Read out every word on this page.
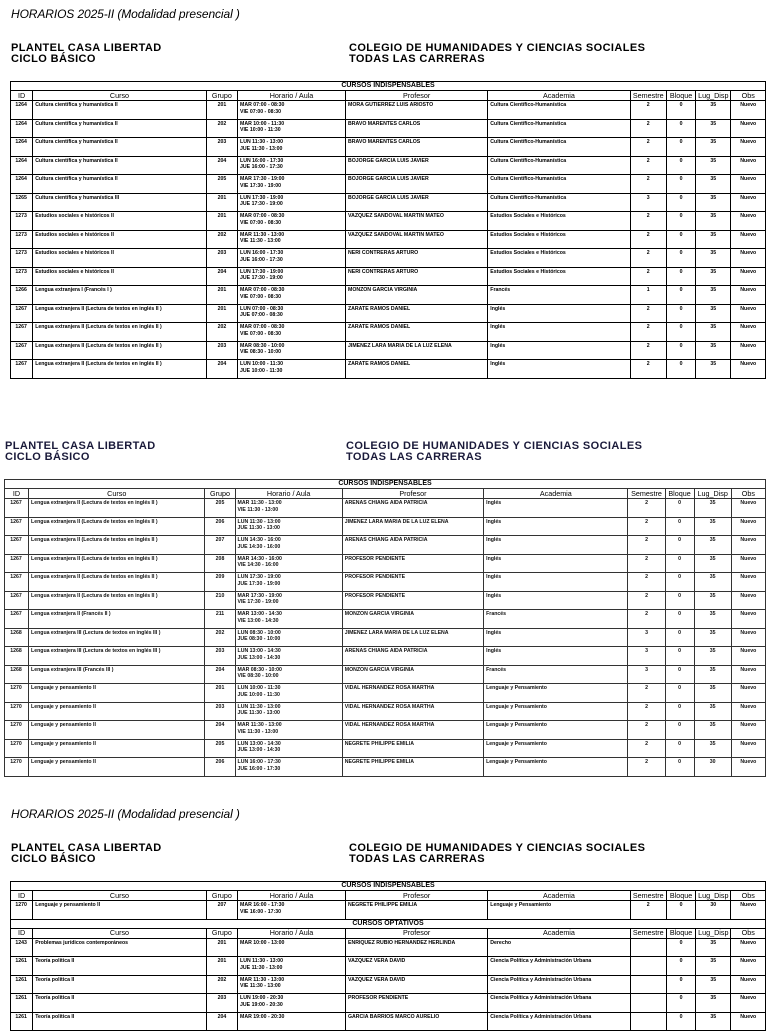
HORARIOS 2025-II (Modalidad presencial )
PLANTEL CASA LIBERTAD
CICLO BÁSICO
COLEGIO DE HUMANIDADES Y CIENCIAS SOCIALES
TODAS LAS CARRERAS
CURSOS INDISPENSABLES									
ID	Curso	Grupo	Horario / Aula	Profesor	Academia	Semestre	Bloque	Lug_Disp	Obs
1264	Cultura científica y humanística II	201	MAR 07:00 - 08:30
VIE 07:00 - 08:30	MORA GUTIERREZ LUIS ARIOSTO	Cultura Científico-Humanística	2	0	35	Nuevo
1264	Cultura científica y humanística II	202	MAR 10:00 - 11:30
VIE 10:00 - 11:30	BRAVO MARENTES CARLOS	Cultura Científico-Humanística	2	0	35	Nuevo
1264	Cultura científica y humanística II	203	LUN 11:30 - 13:00
JUE 11:30 - 13:00	BRAVO MARENTES CARLOS	Cultura Científico-Humanística	2	0	35	Nuevo
1264	Cultura científica y humanística II	204	LUN 16:00 - 17:30
JUE 16:00 - 17:30	BOJORGE GARCIA LUIS JAVIER	Cultura Científico-Humanística	2	0	35	Nuevo
1264	Cultura científica y humanística II	205	MAR 17:30 - 19:00
VIE 17:30 - 19:00	BOJORGE GARCIA LUIS JAVIER	Cultura Científico-Humanística	2	0	35	Nuevo
1265	Cultura científica y humanística III	201	LUN 17:30 - 19:00
JUE 17:30 - 19:00	BOJORGE GARCIA LUIS JAVIER	Cultura Científico-Humanística	3	0	35	Nuevo
1273	Estudios sociales e históricos II	201	MAR 07:00 - 08:30
VIE 07:00 - 08:30	VAZQUEZ SANDOVAL MARTIN MATEO	Estudios Sociales e Históricos	2	0	35	Nuevo
1273	Estudios sociales e históricos II	202	MAR 11:30 - 13:00
VIE 11:30 - 13:00	VAZQUEZ SANDOVAL MARTIN MATEO	Estudios Sociales e Históricos	2	0	35	Nuevo
1273	Estudios sociales e históricos II	203	LUN 16:00 - 17:30
JUE 16:00 - 17:30	NERI CONTRERAS ARTURO	Estudios Sociales e Históricos	2	0	35	Nuevo
1273	Estudios sociales e históricos II	204	LUN 17:30 - 19:00
JUE 17:30 - 19:00	NERI CONTRERAS ARTURO	Estudios Sociales e Históricos	2	0	35	Nuevo
1266	Lengua extranjera I (Francés I )	201	MAR 07:00 - 08:30
VIE 07:00 - 08:30	MONZON GARCIA VIRGINIA	Francés	1	0	35	Nuevo
1267	Lengua extranjera II (Lectura de textos en inglés II )	201	LUN 07:00 - 08:30
JUE 07:00 - 08:30	ZARATE RAMOS DANIEL	Inglés	2	0	35	Nuevo
1267	Lengua extranjera II (Lectura de textos en inglés II )	202	MAR 07:00 - 08:30
VIE 07:00 - 08:30	ZARATE RAMOS DANIEL	Inglés	2	0	35	Nuevo
1267	Lengua extranjera II (Lectura de textos en inglés II )	203	MAR 08:30 - 10:00
VIE 08:30 - 10:00	JIMENEZ LARA MARIA DE LA LUZ ELENA	Inglés	2	0	35	Nuevo
1267	Lengua extranjera II (Lectura de textos en inglés II )	204	LUN 10:00 - 11:30
JUE 10:00 - 11:30	ZARATE RAMOS DANIEL	Inglés	2	0	35	Nuevo
PLANTEL CASA LIBERTAD
CICLO BÁSICO
COLEGIO DE HUMANIDADES Y CIENCIAS SOCIALES
TODAS LAS CARRERAS
CURSOS INDISPENSABLES									
ID	Curso	Grupo	Horario / Aula	Profesor	Academia	Semestre	Bloque	Lug_Disp	Obs
1267	Lengua extranjera II (Lectura de textos en inglés II )	205	MAR 11:30 - 13:00
VIE 11:30 - 13:00	ARENAS CHIANG AIDA PATRICIA	Inglés	2	0	35	Nuevo
1267	Lengua extranjera II (Lectura de textos en inglés II )	206	LUN 11:30 - 13:00
JUE 11:30 - 13:00	JIMENEZ LARA MARIA DE LA LUZ ELENA	Inglés	2	0	35	Nuevo
1267	Lengua extranjera II (Lectura de textos en inglés II )	207	LUN 14:30 - 16:00
JUE 14:30 - 16:00	ARENAS CHIANG AIDA PATRICIA	Inglés	2	0	35	Nuevo
1267	Lengua extranjera II (Lectura de textos en inglés II )	208	MAR 14:30 - 16:00
VIE 14:30 - 16:00	PROFESOR PENDIENTE	Inglés	2	0	35	Nuevo
1267	Lengua extranjera II (Lectura de textos en inglés II )	209	LUN 17:30 - 19:00
JUE 17:30 - 19:00	PROFESOR PENDIENTE	Inglés	2	0	35	Nuevo
1267	Lengua extranjera II (Lectura de textos en inglés II )	210	MAR 17:30 - 19:00
VIE 17:30 - 19:00	PROFESOR PENDIENTE	Inglés	2	0	35	Nuevo
1267	Lengua extranjera II (Francés II )	211	MAR 13:00 - 14:30
VIE 13:00 - 14:30	MONZON GARCIA VIRGINIA	Francés	2	0	35	Nuevo
1268	Lengua extranjera III (Lectura de textos en inglés III )	202	LUN 08:30 - 10:00
JUE 08:30 - 10:00	JIMENEZ LARA MARIA DE LA LUZ ELENA	Inglés	3	0	35	Nuevo
1268	Lengua extranjera III (Lectura de textos en inglés III )	203	LUN 13:00 - 14:30
JUE 13:00 - 14:30	ARENAS CHIANG AIDA PATRICIA	Inglés	3	0	35	Nuevo
1268	Lengua extranjera III (Francés III )	204	MAR 08:30 - 10:00
VIE 08:30 - 10:00	MONZON GARCIA VIRGINIA	Francés	3	0	35	Nuevo
1270	Lenguaje y pensamiento II	201	LUN 10:00 - 11:30
JUE 10:00 - 11:30	VIDAL HERNANDEZ ROSA MARTHA	Lenguaje y Pensamiento	2	0	35	Nuevo
1270	Lenguaje y pensamiento II	203	LUN 11:30 - 13:00
JUE 11:30 - 13:00	VIDAL HERNANDEZ ROSA MARTHA	Lenguaje y Pensamiento	2	0	35	Nuevo
1270	Lenguaje y pensamiento II	204	MAR 11:30 - 13:00
VIE 11:30 - 13:00	VIDAL HERNANDEZ ROSA MARTHA	Lenguaje y Pensamiento	2	0	35	Nuevo
1270	Lenguaje y pensamiento II	205	LUN 13:00 - 14:30
JUE 13:00 - 14:30	NEGRETE PHILIPPE EMILIA	Lenguaje y Pensamiento	2	0	35	Nuevo
1270	Lenguaje y pensamiento II	206	LUN 16:00 - 17:30
JUE 16:00 - 17:30	NEGRETE PHILIPPE EMILIA	Lenguaje y Pensamiento	2	0	30	Nuevo
HORARIOS 2025-II (Modalidad presencial )
PLANTEL CASA LIBERTAD
CICLO BÁSICO
COLEGIO DE HUMANIDADES Y CIENCIAS SOCIALES
TODAS LAS CARRERAS
CURSOS INDISPENSABLES									
ID	Curso	Grupo	Horario / Aula	Profesor	Academia	Semestre	Bloque	Lug_Disp	Obs
1270	Lenguaje y pensamiento II	207	MAR 16:00 - 17:30
VIE 16:00 - 17:30	NEGRETE PHILIPPE EMILIA	Lenguaje y Pensamiento	2	0	30	Nuevo
CURSOS OPTATIVOS									
ID	Curso	Grupo	Horario / Aula	Profesor	Academia	Semestre	Bloque	Lug_Disp	Obs
1243	Problemas jurídicos contemporáneos	201	MAR 10:00 - 13:00	ENRIQUEZ RUBIO HERNANDEZ HERLINDA	Derecho		0	35	Nuevo
1261	Teoría política II	201	LUN 11:30 - 13:00
JUE 11:30 - 13:00	VAZQUEZ VERA DAVID	Ciencia Política y Administración Urbana		0	35	Nuevo
1261	Teoría política II	202	MAR 11:30 - 13:00
VIE 11:30 - 13:00	VAZQUEZ VERA DAVID	Ciencia Política y Administración Urbana		0	35	Nuevo
1261	Teoría política II	203	LUN 19:00 - 20:30
JUE 19:00 - 20:30	PROFESOR PENDIENTE	Ciencia Política y Administración Urbana		0	35	Nuevo
1261	Teoría política II	204	MAR 19:00 - 20:30	GARCIA BARRIOS MARCO AURELIO	Ciencia Política y Administración Urbana		0	35	Nuevo
